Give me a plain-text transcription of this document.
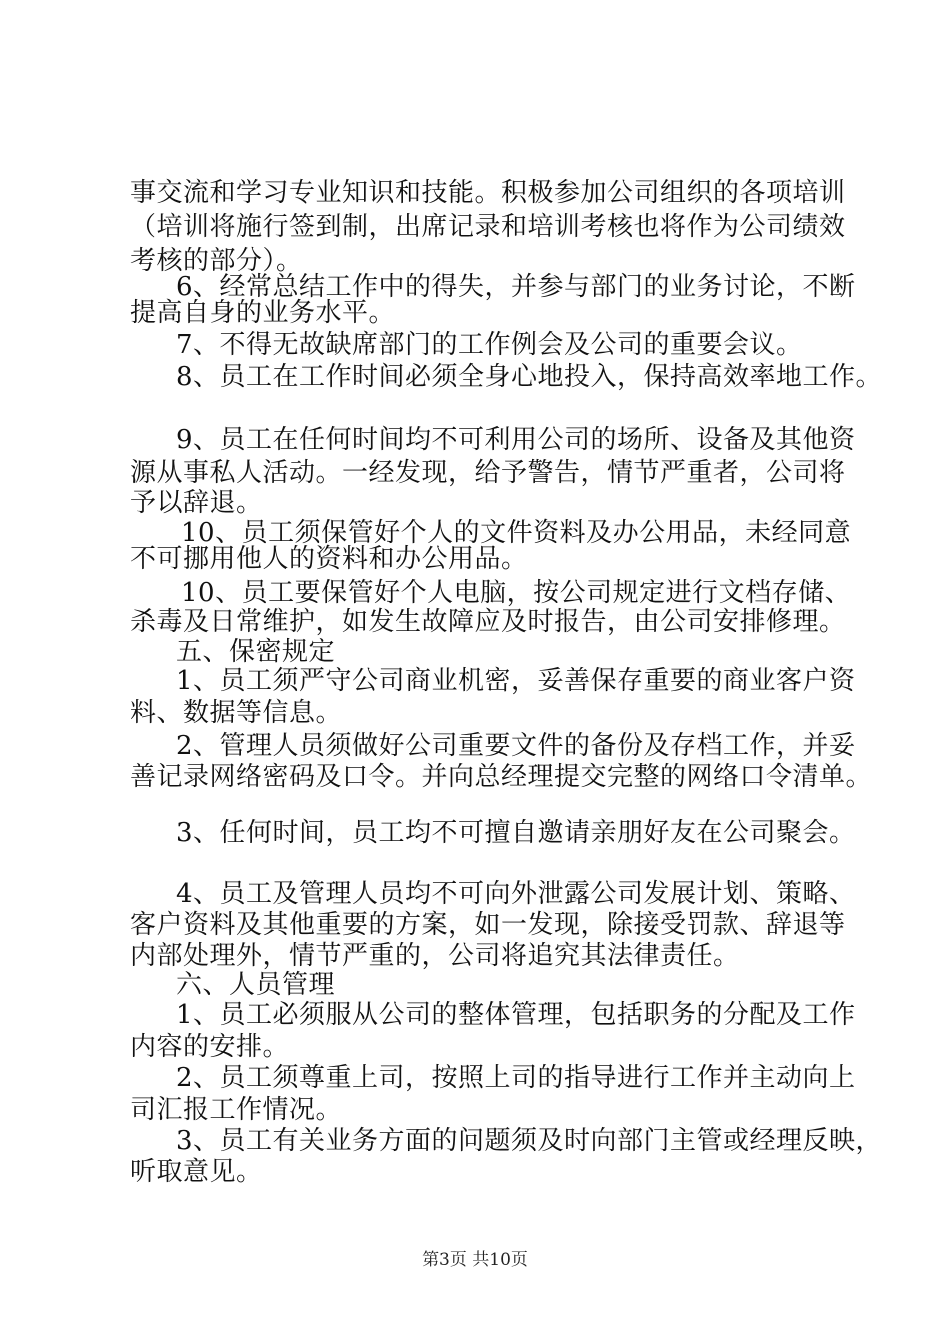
事交流和学习专业知识和技能。积极参加公司组织的各项培训
（培训将施行签到制，出席记录和培训考核也将作为公司绩效
考核的部分）。
6、经常总结工作中的得失，并参与部门的业务讨论，不断
提高自身的业务水平。
7、不得无故缺席部门的工作例会及公司的重要会议。
8、员工在工作时间必须全身心地投入，保持高效率地工作。
9、员工在任何时间均不可利用公司的场所、设备及其他资
源从事私人活动。一经发现，给予警告，情节严重者，公司将
予以辞退。
10、员工须保管好个人的文件资料及办公用品，未经同意
不可挪用他人的资料和办公用品。
10、员工要保管好个人电脑，按公司规定进行文档存储、
杀毒及日常维护，如发生故障应及时报告，由公司安排修理。
五、保密规定
1、员工须严守公司商业机密，妥善保存重要的商业客户资
料、数据等信息。
2、管理人员须做好公司重要文件的备份及存档工作，并妥
善记录网络密码及口令。并向总经理提交完整的网络口令清单。
3、任何时间，员工均不可擅自邀请亲朋好友在公司聚会。
4、员工及管理人员均不可向外泄露公司发展计划、策略、
客户资料及其他重要的方案，如一发现，除接受罚款、辞退等
内部处理外，情节严重的，公司将追究其法律责任。
六、人员管理
1、员工必须服从公司的整体管理，包括职务的分配及工作
内容的安排。
2、员工须尊重上司，按照上司的指导进行工作并主动向上
司汇报工作情况。
3、员工有关业务方面的问题须及时向部门主管或经理反映，
听取意见。
第3页 共10页
